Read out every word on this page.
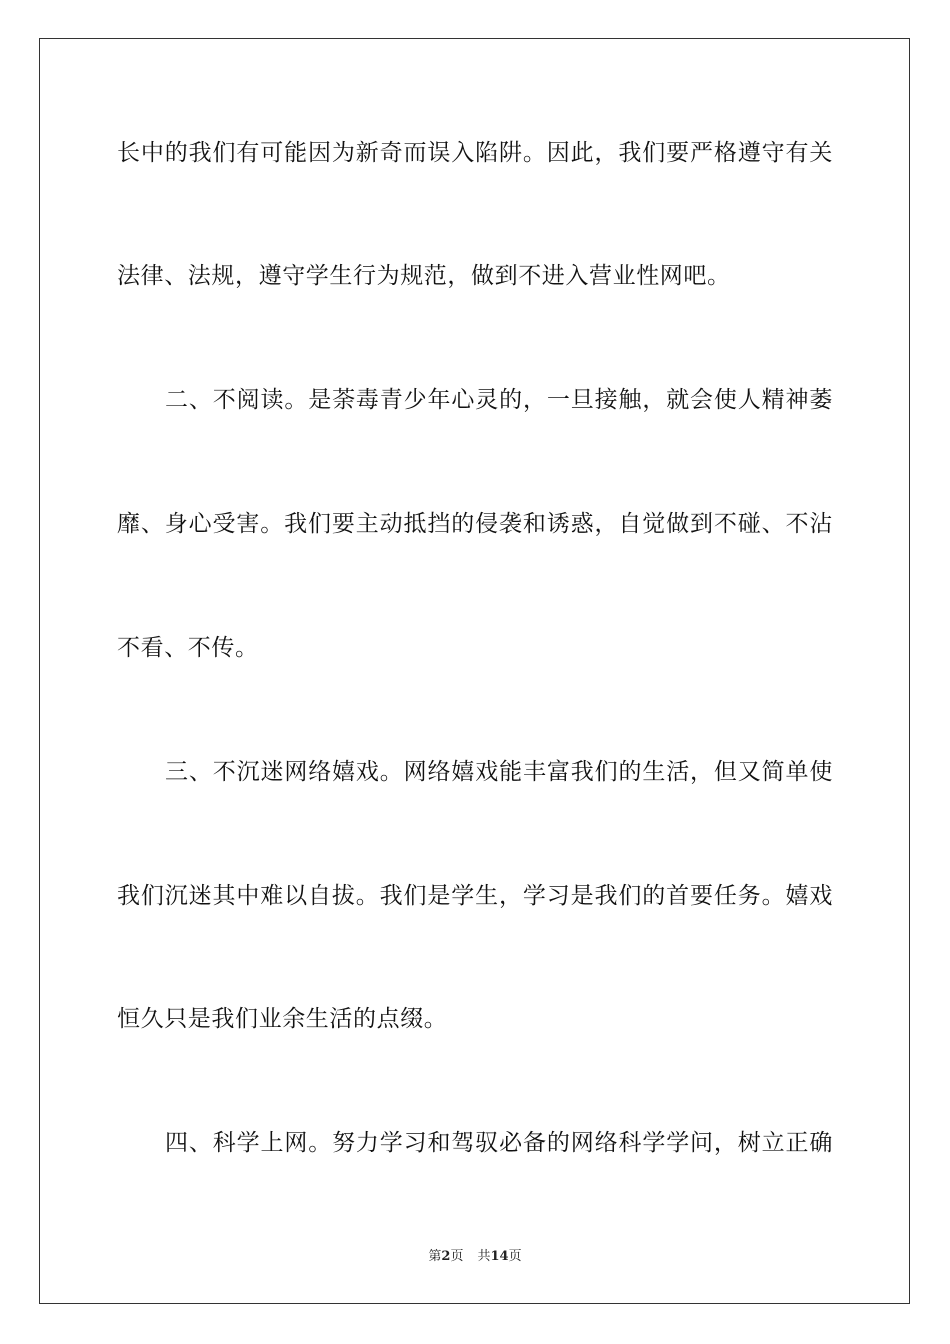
长中的我们有可能因为新奇而误入陷阱。因此，我们要严格遵守有关
法律、法规，遵守学生行为规范，做到不进入营业性网吧。
二、不阅读。是荼毒青少年心灵的，一旦接触，就会使人精神萎
靡、身心受害。我们要主动抵挡的侵袭和诱惑，自觉做到不碰、不沾
不看、不传。
三、不沉迷网络嬉戏。网络嬉戏能丰富我们的生活，但又简单使
我们沉迷其中难以自拔。我们是学生，学习是我们的首要任务。嬉戏
恒久只是我们业余生活的点缀。
四、科学上网。努力学习和驾驭必备的网络科学学问，树立正确
第2页 共14页
